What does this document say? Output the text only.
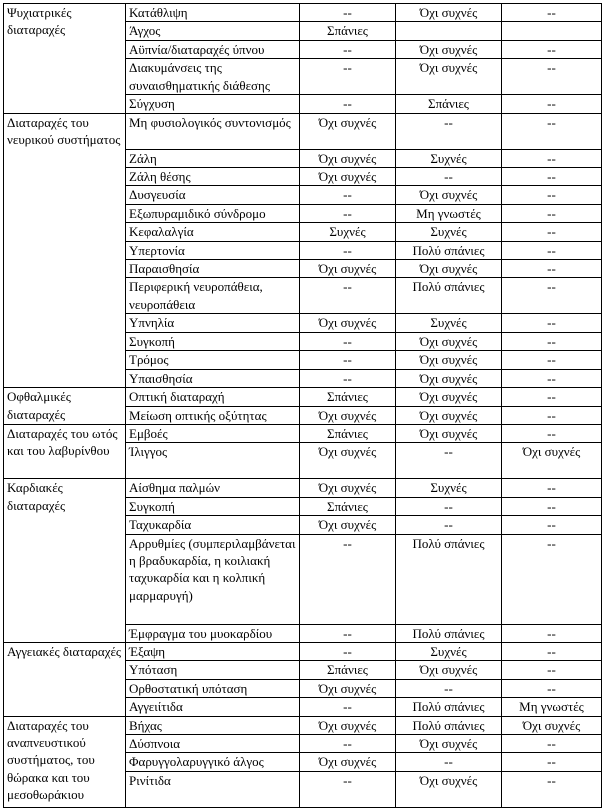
Ψυχιατρικές διαταραχές	Κατάθλιψη	--	Όχι συχνές	--
	Άγχος	Σπάνιες		
	Αϋπνία/διαταραχές ύπνου	--	Όχι συχνές	--
	Διακυμάνσεις της συναισθηματικής διάθεσης	--	Όχι συχνές	--
	Σύγχυση	--	Σπάνιες	--
Διαταραχές του νευρικού συστήματος	Μη φυσιολογικός συντονισμός	Όχι συχνές	--	--
	Ζάλη	Όχι συχνές	Συχνές	--
	Ζάλη θέσης	Όχι συχνές	--	--
	Δυσγευσία	--	Όχι συχνές	--
	Εξωπυραμιδικό σύνδρομο	--	Μη γνωστές	--
	Κεφαλαλγία	Συχνές	Συχνές	--
	Υπερτονία	--	Πολύ σπάνιες	--
	Παραισθησία	Όχι συχνές	Όχι συχνές	--
	Περιφερική νευροπάθεια, νευροπάθεια	--	Πολύ σπάνιες	--
	Υπνηλία	Όχι συχνές	Συχνές	--
	Συγκοπή	--	Όχι συχνές	--
	Τρόμος	--	Όχι συχνές	--
	Υπαισθησία	--	Όχι συχνές	--
Οφθαλμικές διαταραχές	Οπτική διαταραχή	Σπάνιες	Όχι συχνές	--
	Μείωση οπτικής οξύτητας	Όχι συχνές	Όχι συχνές	--
Διαταραχές του ωτός και του λαβυρίνθου	Εμβοές	Σπάνιες	Όχι συχνές	--
	Ίλιγγος	Όχι συχνές	--	Όχι συχνές
Καρδιακές διαταραχές	Αίσθημα παλμών	Όχι συχνές	Συχνές	--
	Συγκοπή	Σπάνιες	--	--
	Ταχυκαρδία	Όχι συχνές	--	--
	Αρρυθμίες (συμπεριλαμβάνεται η βραδυκαρδία, η κοιλιακή ταχυκαρδία και η κολπική μαρμαρυγή)	--	Πολύ σπάνιες	--
	Έμφραγμα του μυοκαρδίου	--	Πολύ σπάνιες	--
Αγγειακές διαταραχές	Έξαψη	--	Συχνές	--
	Υπόταση	Σπάνιες	Όχι συχνές	--
	Ορθοστατική υπόταση	Όχι συχνές	--	--
	Αγγειίτιδα	--	Πολύ σπάνιες	Μη γνωστές
Διαταραχές του αναπνευστικού συστήματος, του θώρακα και του μεσοθωράκιου	Βήχας	Όχι συχνές	Πολύ σπάνιες	Όχι συχνές
	Δύσπνοια	--	Όχι συχνές	--
	Φαρυγγολαρυγγικό άλγος	Όχι συχνές	--	--
	Ρινίτιδα	--	Όχι συχνές	--
